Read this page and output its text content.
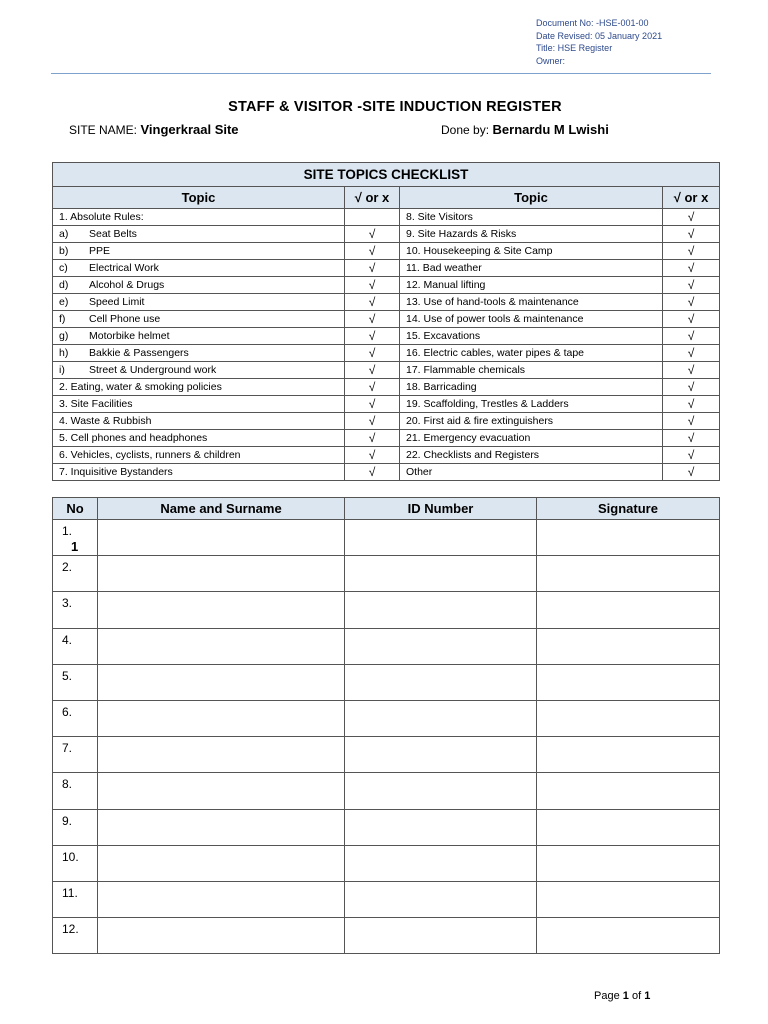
Document No: -HSE-001-00
Date Revised: 05 January 2021
Title: HSE Register
Owner:
STAFF & VISITOR -SITE INDUCTION REGISTER
SITE NAME: Vingerkraal Site	Done by: Bernardu M Lwishi
SITE TOPICS CHECKLIST			
Topic	√ or x	Topic	√ or x
1. Absolute Rules:		8. Site Visitors	√
a) Seat Belts	√	9. Site Hazards & Risks	√
b) PPE	√	10. Housekeeping & Site Camp	√
c) Electrical Work	√	11. Bad weather	√
d) Alcohol & Drugs	√	12. Manual lifting	√
e) Speed Limit	√	13. Use of hand-tools & maintenance	√
f) Cell Phone use	√	14. Use of power tools & maintenance	√
g) Motorbike helmet	√	15. Excavations	√
h) Bakkie & Passengers	√	16. Electric cables, water pipes & tape	√
i) Street & Underground work	√	17. Flammable chemicals	√
2. Eating, water & smoking policies	√	18. Barricading	√
3. Site Facilities	√	19. Scaffolding, Trestles & Ladders	√
4. Waste & Rubbish	√	20. First aid & fire extinguishers	√
5. Cell phones and headphones	√	21. Emergency evacuation	√
6. Vehicles, cyclists, runners & children	√	22. Checklists and Registers	√
7. Inquisitive Bystanders	√	Other	√
No	Name and Surname	ID Number	Signature
1.
1			

2.			
3.			
4.			
5.			
6.			
7.			
8.			
9.			
10.			
11.			
12.			
Page 1 of 1
